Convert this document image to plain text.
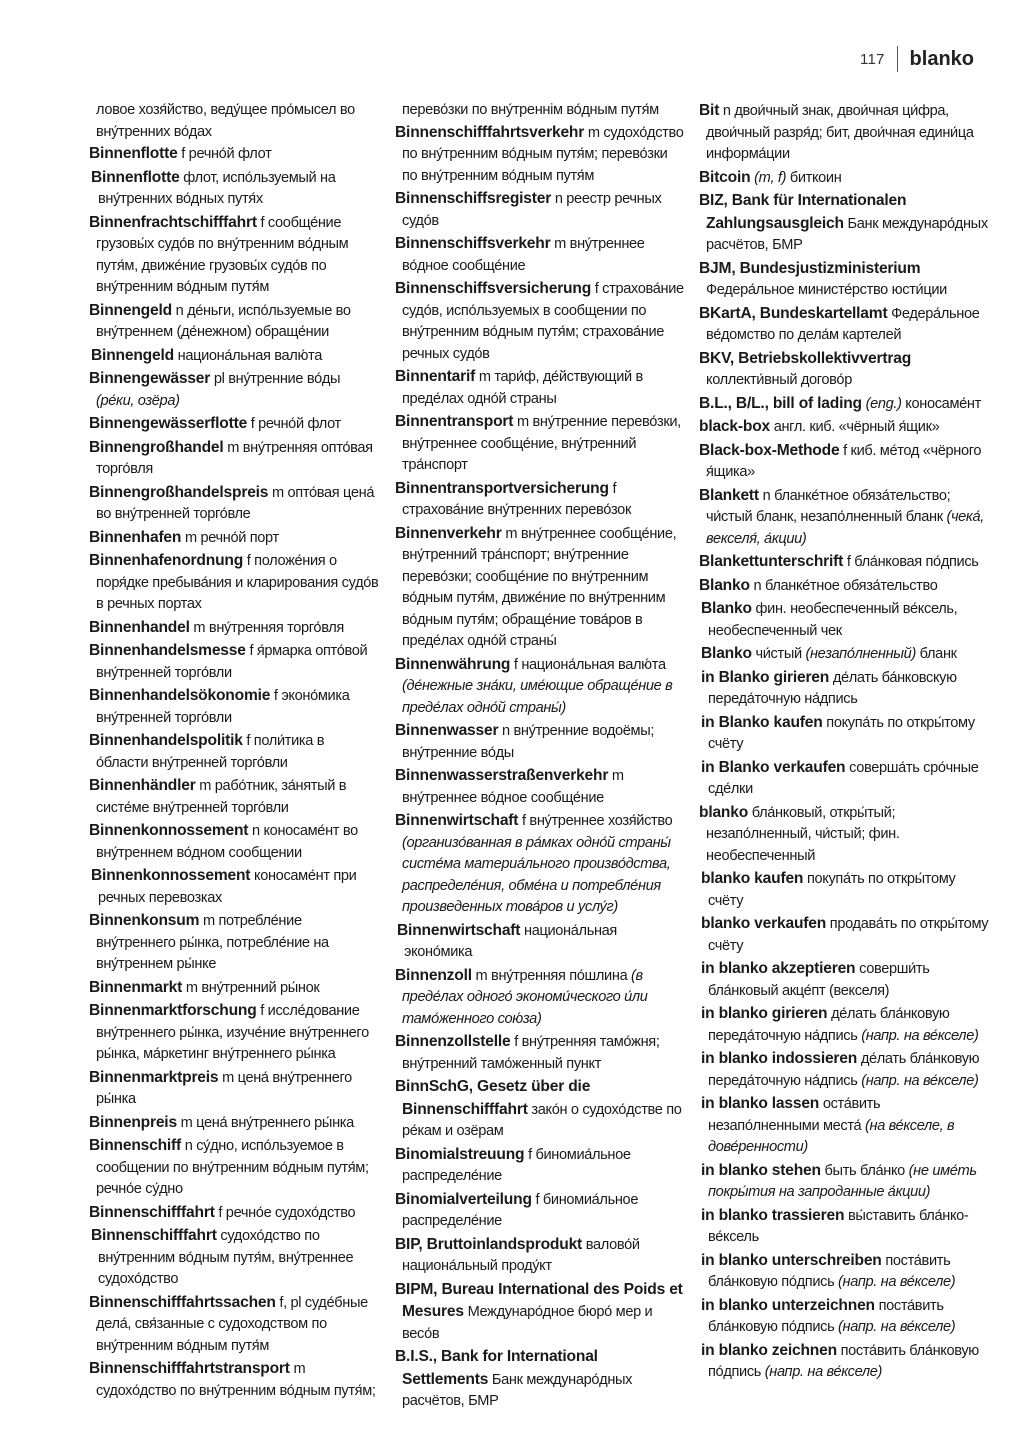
117 blanko
ловое хозя́йство, веду́щее про́мысел во вну́тренних во́дах
Binnenflotte f речно́й флот
Binnenflotte флот, испо́льзуемый на вну́тренних во́дных путя́х
Binnenfrachtschifffahrt f сообще́ние грузовы́х судо́в по вну́тренним во́дным путя́м, движе́ние грузовы́х судо́в по вну́тренним во́дным путя́м
Binnengeld n де́ньги, испо́льзуемые во вну́треннем (де́нежном) обраще́нии
Binnengeld национа́льная валю́та
Binnengewässer pl вну́тренние во́ды (ре́ки, озёра)
Binnengewässerflotte f речно́й флот
Binnengroßhandel m вну́тренняя опто́вая торго́вля
Binnengroßhandelspreis m опто́вая цена́ во вну́тренней торго́вле
Binnenhafen m речно́й порт
Binnenhafenordnung f положе́ния о поря́дке пребыва́ния и кларирования судо́в в речных портах
Binnenhandel m вну́тренняя торго́вля
Binnenhandelsmesse f я́рмарка опто́вой вну́тренней торго́вли
Binnenhandelsökonomie f эконо́мика вну́тренней торго́вли
Binnenhandelspolitik f поли́тика в о́бласти вну́тренней торго́вли
Binnenhändler m рабо́тник, за́нятый в систе́ме вну́тренней торго́вли
Binnenkonnossement n коносаме́нт во вну́треннем во́дном сообщении
Binnenkonnossement коносаме́нт при речных перевозках
Binnenkonsum m потребле́ние вну́треннего ры́нка, потребле́ние на вну́треннем ры́нке
Binnenmarkt m вну́тренний ры́нок
Binnenmarktforschung f иссле́дование вну́треннего ры́нка, изуче́ние вну́треннего ры́нка, ма́ркетинг вну́треннего ры́нка
Binnenmarktpreis m цена́ вну́треннего ры́нка
Binnenpreis m цена́ вну́треннего ры́нка
Binnenschiff n су́дно, испо́льзуемое в сообщении по вну́тренним во́дным путя́м; речно́е су́дно
Binnenschifffahrt f речно́е судохо́дство
Binnenschifffahrt судохо́дство по вну́тренним во́дным путя́м, вну́треннее судохо́дство
Binnenschifffahrtssachen f, pl суде́бные дела́, свя́занные с судоходством по вну́тренним во́дным путя́м
Binnenschifffahrtstransport m судохо́дство по вну́тренним во́дным путя́м;
перево́зки по вну́треннім во́дным путя́м
Binnenschifffahrtsverkehr m судохо́дство по вну́тренним во́дным путя́м; перево́зки по вну́тренним во́дным путя́м
Binnenschiffsregister n реестр речных судо́в
Binnenschiffsverkehr m вну́треннее во́дное сообще́ние
Binnenschiffsversicherung f страхова́ние судо́в, испо́льзуемых в сообщении по вну́тренним во́дным путя́м; страхова́ние речных судо́в
Binnentarif m тари́ф, де́йствующий в преде́лах одно́й страны
Binnentransport m вну́тренние перево́зки, вну́треннее сообще́ние, вну́тренний тра́нспорт
Binnentransportversicherung f страхова́ние вну́тренних перево́зок
Binnenverkehr m вну́треннее сообще́ние, вну́тренний тра́нспорт; вну́тренние перево́зки; сообще́ние по вну́тренним во́дным путя́м, движе́ние по вну́тренним во́дным путя́м; обраще́ние това́ров в преде́лах одно́й страны́
Binnenwährung f национа́льная валю́та (де́нежные зна́ки, име́ющие обраще́ние в преде́лах одно́й страны́)
Binnenwasser n вну́тренние водоёмы; вну́тренние во́ды
Binnenwasserstraßenverkehr m вну́треннее во́дное сообще́ние
Binnenwirtschaft f вну́треннее хозя́йство (организо́ванная в ра́мках одно́й страны́ систе́ма материа́льного произво́дства, распределе́ния, обме́на и потребле́ния произведенных това́ров и услу́г)
Binnenwirtschaft национа́льная эконо́мика
Binnenzoll m вну́тренняя по́шлина (в преде́лах одного́ экономи́ческого и́ли тамо́женного сою́за)
Binnenzollstelle f вну́тренняя тамо́жня; вну́тренний тамо́женный пункт
BinnSchG, Gesetz über die Binnenschifffahrt зако́н о судохо́дстве по ре́кам и озёрам
Binomialstreuung f биномиа́льное распределе́ние
Binomialverteilung f биномиа́льное распределе́ние
BIP, Bruttoinlandsprodukt валово́й национа́льный проду́кт
BIPM, Bureau International des Poids et Mesures Междунаро́дное бюро́ мер и весо́в
B.I.S., Bank for International Settlements Банк междунаро́дных расчётов, БМР
Bit n двои́чный знак, двои́чная ци́фра, двои́чный разря́д; бит, двои́чная едини́ца информа́ции
Bitcoin (m, f) биткоин
BIZ, Bank für Internationalen Zahlungsausgleich Банк междунаро́дных расчётов, БМР
BJM, Bundesjustizministerium Федера́льное министе́рство юсти́ции
BKartA, Bundeskartellamt Федера́льное ве́домство по дела́м картелей
BKV, Betriebskollektivvertrag коллекти́вный догово́р
B.L., B/L., bill of lading (eng.) коносаме́нт
black-box англ. киб. «чёрный я́щик»
Black-box-Methode f киб. ме́тод «чёрного я́щика»
Blankett n бланке́тное обяза́тельство; чи́стый бланк, незапо́лненный бланк (чека́, векселя́, а́кции)
Blankettunterschrift f бла́нковая по́дпись
Blanko n бланке́тное обяза́тельство
Blanko фин. необеспеченный ве́ксель, необеспеченный чек
Blanko чи́стый (незапо́лненный) бланк
in Blanko girieren де́лать ба́нковскую переда́точную на́дпись
in Blanko kaufen покупа́ть по откры́тому счёту
in Blanko verkaufen соверша́ть сро́чные сде́лки
blanko бла́нковый, откры́тый; незапо́лненный, чи́стый; фин. необеспеченный
blanko kaufen покупа́ть по откры́тому счёту
blanko verkaufen продава́ть по откры́тому счёту
in blanko akzeptieren соверши́ть бла́нковый акце́пт (векселя)
in blanko girieren де́лать бла́нковую переда́точную на́дпись (напр. на ве́кселе)
in blanko indossieren де́лать бла́нковую переда́точную на́дпись (напр. на ве́кселе)
in blanko lassen оста́вить незапо́лненными места́ (на ве́кселе, в дове́ренности)
in blanko stehen быть бла́нко (не име́ть покры́тия на запроданные а́кции)
in blanko trassieren вы́ставить бла́нко-ве́ксель
in blanko unterschreiben поста́вить бла́нковую по́дпись (напр. на ве́кселе)
in blanko unterzeichnen поста́вить бла́нковую по́дпись (напр. на ве́кселе)
in blanko zeichnen поста́вить бла́нковую по́дпись (напр. на ве́кселе)
